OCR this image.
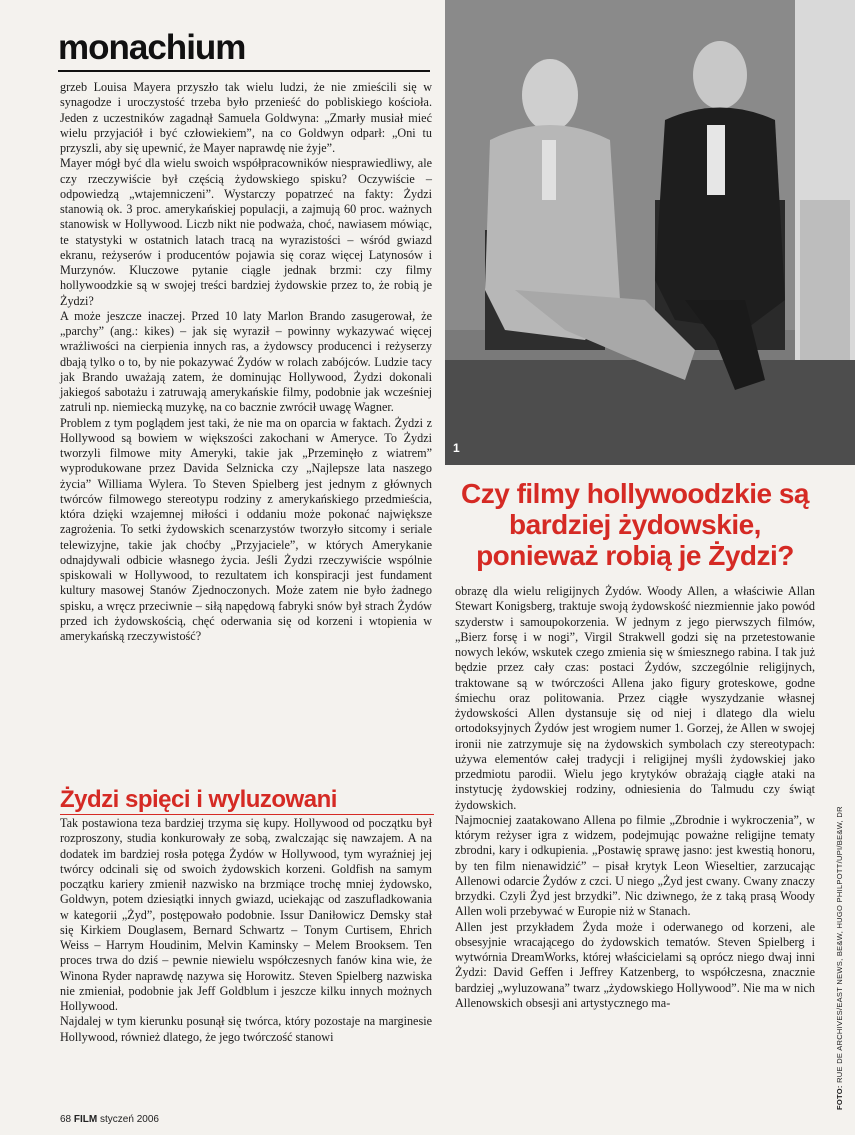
monachium

grzeb Louisa Mayera przyszło tak wielu ludzi, że nie zmieścili się w synagodze i uroczystość trzeba było przenieść do pobliskiego kościoła. Jeden z uczestników zagadnął Samuela Goldwyna: „Zmarły musiał mieć wielu przyjaciół i być człowiekiem”, na co Goldwyn odparł: „Oni tu przyszli, aby się upewnić, że Mayer naprawdę nie żyje”.

Mayer mógł być dla wielu swoich współpracowników niesprawiedliwy, ale czy rzeczywiście był częścią żydowskiego spisku? Oczywiście – odpowiedzą „wtajemniczeni”. Wystarczy popatrzeć na fakty: Żydzi stanowią ok. 3 proc. amerykańskiej populacji, a zajmują 60 proc. ważnych stanowisk w Hollywood. Liczb nikt nie podważa, choć, nawiasem mówiąc, te statystyki w ostatnich latach tracą na wyrazistości – wśród gwiazd ekranu, reżyserów i producentów pojawia się coraz więcej Latynosów i Murzynów. Kluczowe pytanie ciągle jednak brzmi: czy filmy hollywoodzkie są w swojej treści bardziej żydowskie przez to, że robią je Żydzi?

A może jeszcze inaczej. Przed 10 laty Marlon Brando zasugerował, że „parchy” (ang.: kikes) – jak się wyraził – powinny wykazywać więcej wrażliwości na cierpienia innych ras, a żydowscy producenci i reżyserzy dbają tylko o to, by nie pokazywać Żydów w rolach zabójców. Ludzie tacy jak Brando uważają zatem, że dominując Hollywood, Żydzi dokonali jakiegoś sabotażu i zatruwają amerykańskie filmy, podobnie jak wcześniej zatruli np. niemiecką muzykę, na co bacznie zwrócił uwagę Wagner.

Problem z tym poglądem jest taki, że nie ma on oparcia w faktach. Żydzi z Hollywood są bowiem w większości zakochani w Ameryce. To Żydzi tworzyli filmowe mity Ameryki, takie jak „Przeminęło z wiatrem” wyprodukowane przez Davida Selznicka czy „Najlepsze lata naszego życia” Williama Wylera. To Steven Spielberg jest jednym z głównych twórców filmowego stereotypu rodziny z amerykańskiego przedmieścia, która dzięki wzajemnej miłości i oddaniu może pokonać największe zagrożenia. To setki żydowskich scenarzystów tworzyło sitcomy i seriale telewizyjne, takie jak choćby „Przyjaciele”, w których Amerykanie odnajdywali odbicie własnego życia. Jeśli Żydzi rzeczywiście wspólnie spiskowali w Hollywood, to rezultatem ich konspiracji jest fundament kultury masowej Stanów Zjednoczonych. Może zatem nie było żadnego spisku, a wręcz przeciwnie – siłą napędową fabryki snów był strach Żydów przed ich żydowskością, chęć oderwania się od korzeni i wtopienia w amerykańską rzeczywistość?

Żydzi spięci i wyluzowani

Tak postawiona teza bardziej trzyma się kupy. Hollywood od początku był rozproszony, studia konkurowały ze sobą, zwalczając się nawzajem. A na dodatek im bardziej rosła potęga Żydów w Hollywood, tym wyraźniej jej twórcy odcinali się od swoich żydowskich korzeni. Goldfish na samym początku kariery zmienił nazwisko na brzmiące trochę mniej żydowsko, Goldwyn, potem dziesiątki innych gwiazd, uciekając od zaszufladkowania w kategorii „Żyd”, postępowało podobnie. Issur Daniłowicz Demsky stał się Kirkiem Douglasem, Bernard Schwartz – Tonym Curtisem, Ehrich Weiss – Harrym Houdinim, Melvin Kaminsky – Melem Brooksem. Ten proces trwa do dziś – pewnie niewielu współczesnych fanów kina wie, że Winona Ryder naprawdę nazywa się Horowitz. Steven Spielberg nazwiska nie zmieniał, podobnie jak Jeff Goldblum i jeszcze kilku innych możnych Hollywood.

Najdalej w tym kierunku posunął się twórca, który pozostaje na marginesie Hollywood, również dlatego, że jego twórczość stanowi

1
Czy filmy hollywoodzkie są bardziej żydowskie, ponieważ robią je Żydzi?

obrazę dla wielu religijnych Żydów. Woody Allen, a właściwie Allan Stewart Konigsberg, traktuje swoją żydowskość niezmiennie jako powód szyderstw i samoupokorzenia. W jednym z jego pierwszych filmów, „Bierz forsę i w nogi”, Virgil Strakwell godzi się na przetestowanie nowych leków, wskutek czego zmienia się w śmiesznego rabina. I tak już będzie przez cały czas: postaci Żydów, szczególnie religijnych, traktowane są w twórczości Allena jako figury groteskowe, godne śmiechu oraz politowania. Przez ciągłe wyszydzanie własnej żydowskości Allen dystansuje się od niej i dlatego dla wielu ortodoksyjnych Żydów jest wrogiem numer 1. Gorzej, że Allen w swojej ironii nie zatrzymuje się na żydowskich symbolach czy stereotypach: używa elementów całej tradycji i religijnej myśli żydowskiej jako przedmiotu parodii. Wielu jego krytyków obrażają ciągłe ataki na instytucję żydowskiej rodziny, odniesienia do Talmudu czy świąt żydowskich.

Najmocniej zaatakowano Allena po filmie „Zbrodnie i wykroczenia”, w którym reżyser igra z widzem, podejmując poważne religijne tematy zbrodni, kary i odkupienia. „Postawię sprawę jasno: jest kwestią honoru, by ten film nienawidzić” – pisał krytyk Leon Wieseltier, zarzucając Allenowi odarcie Żydów z czci. U niego „Żyd jest cwany. Cwany znaczy brzydki. Czyli Żyd jest brzydki”. Nic dziwnego, że z taką prasą Woody Allen woli przebywać w Europie niż w Stanach.

Allen jest przykładem Żyda może i oderwanego od korzeni, ale obsesyjnie wracającego do żydowskich tematów. Steven Spielberg i wytwórnia DreamWorks, której właścicielami są oprócz niego dwaj inni Żydzi: David Geffen i Jeffrey Katzenberg, to współczesna, znacznie bardziej „wyluzowana” twarz „żydowskiego Hollywood”. Nie ma w nich Allenowskich obsesji ani artystycznego ma-

FOTO: RUE DE ARCHIVES/EAST NEWS, BE&W, HUGO PHILPOTT/UPI/BE&W, DR
68 FILM styczeń 2006
